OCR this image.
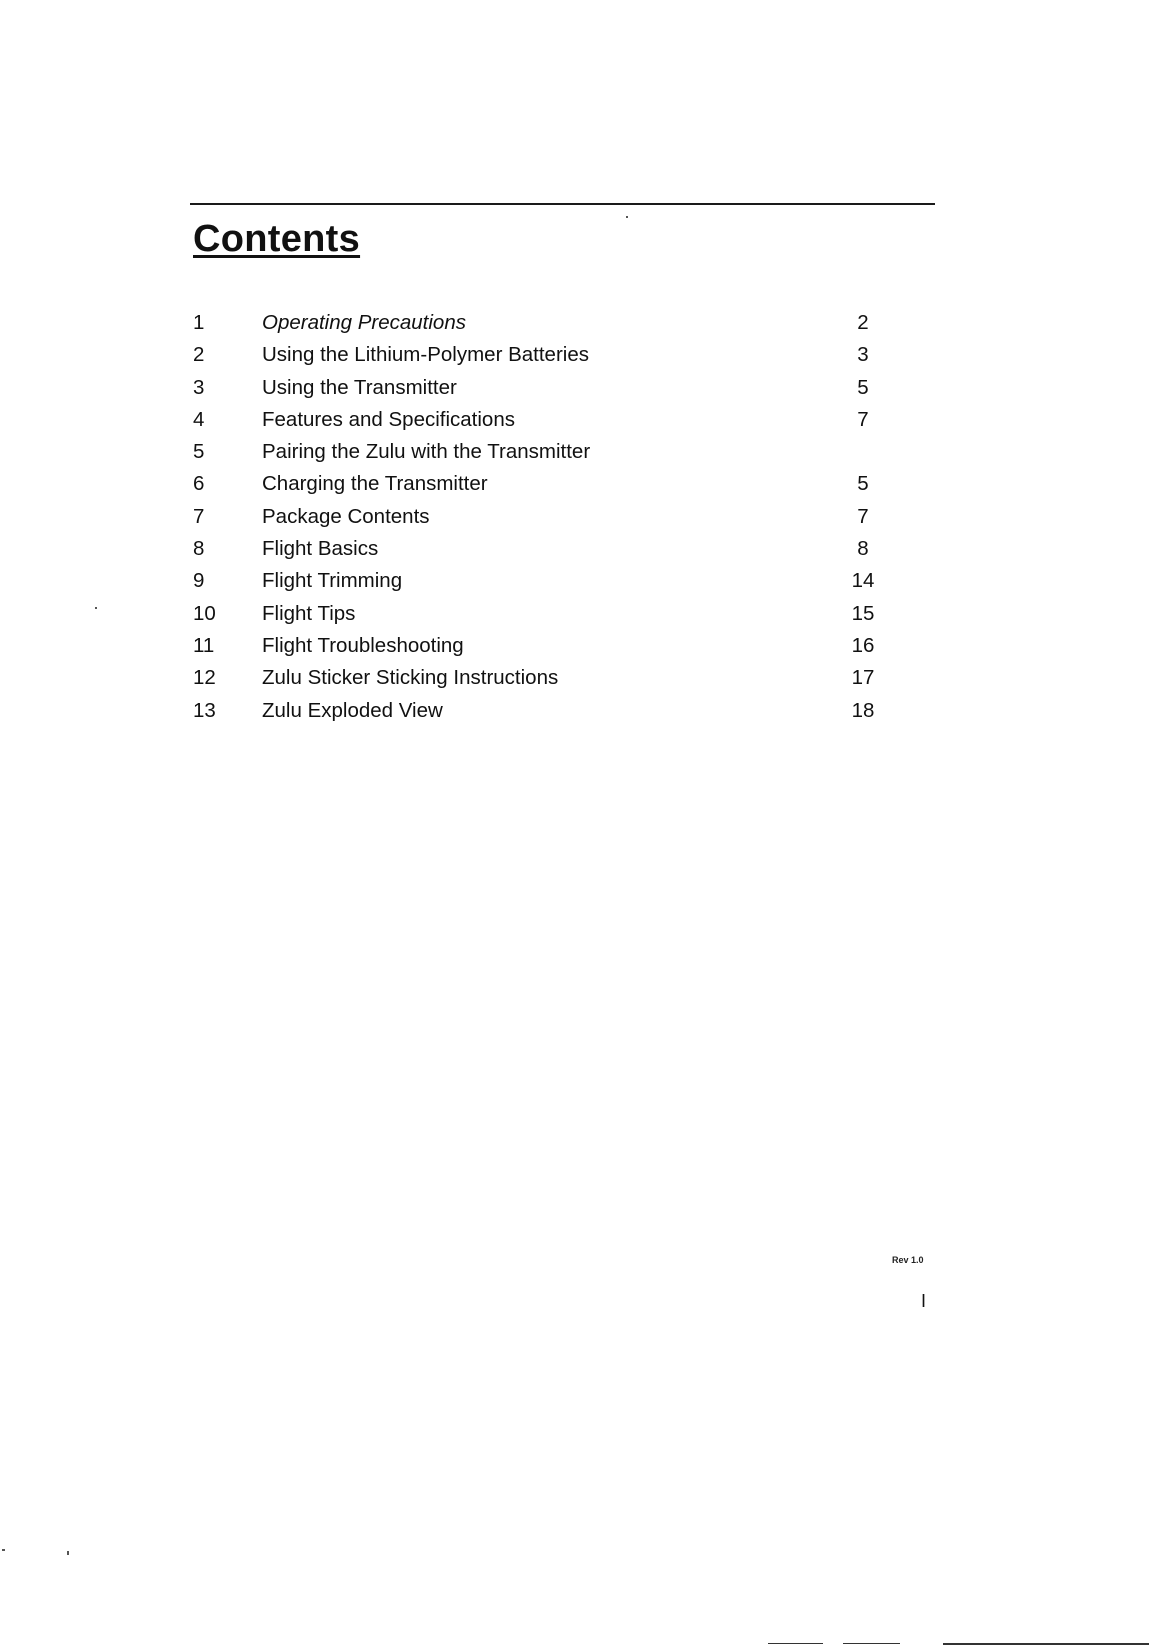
Contents
1	Operating Precautions	2
2	Using the Lithium-Polymer Batteries	3
3	Using the Transmitter	5
4	Features and Specifications	7
5	Pairing the Zulu with the Transmitter
6	Charging the Transmitter	5
7	Package Contents	7
8	Flight Basics	8
9	Flight Trimming	14
10	Flight Tips	15
11	Flight Troubleshooting	16
12	Zulu Sticker Sticking Instructions	17
13	Zulu Exploded View	18
Rev 1.0
I
